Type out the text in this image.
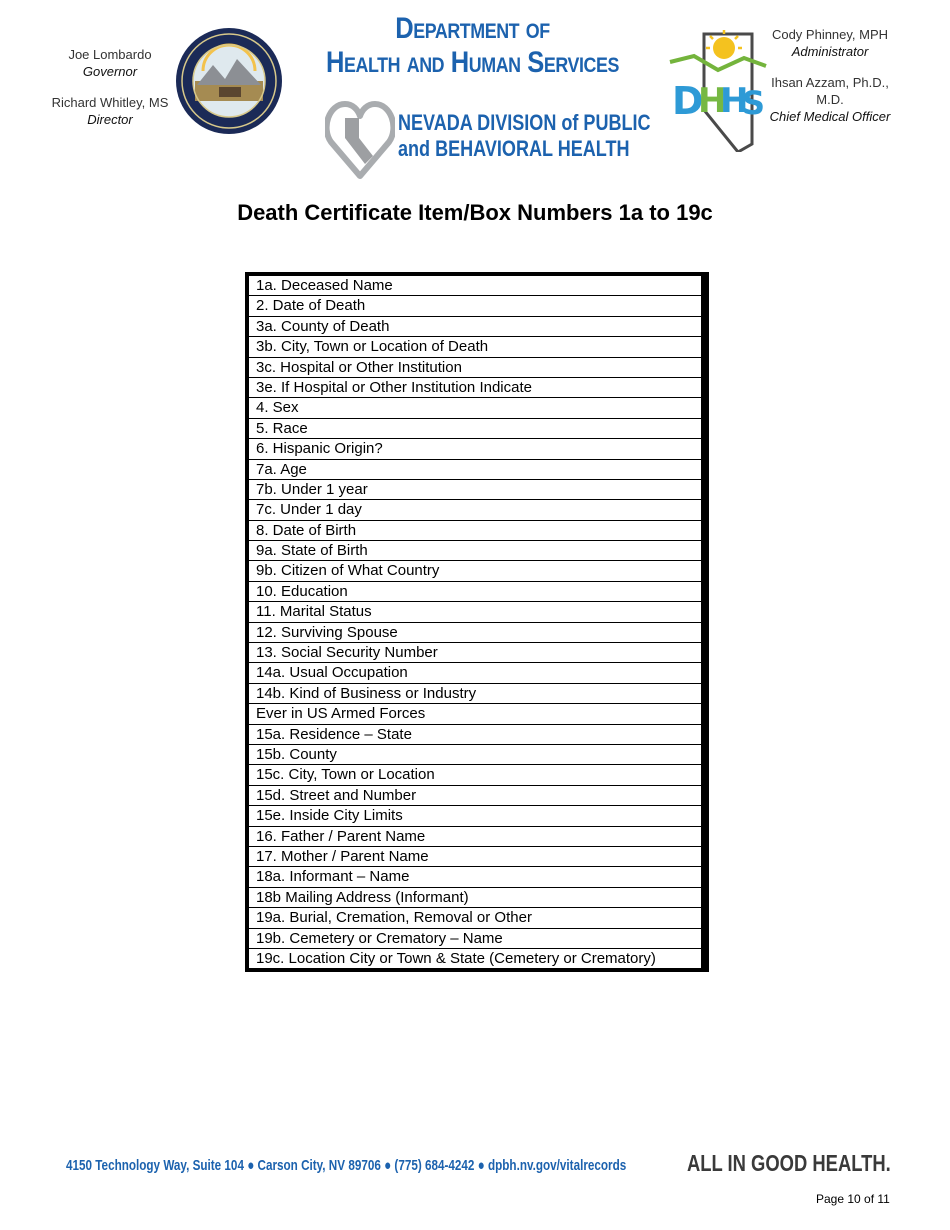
Joe Lombardo
Governor
Richard Whitley, MS
Director
Department of
Health and Human Services
NEVADA DIVISION of PUBLIC
and BEHAVIORAL HEALTH
D
H
H
S
Cody Phinney, MPH
Administrator
Ihsan Azzam, Ph.D., M.D.
Chief Medical Officer
Death Certificate Item/Box Numbers 1a to 19c
1a. Deceased Name
2. Date of Death
3a. County of Death
3b. City, Town or Location of Death
3c. Hospital or Other Institution
3e. If Hospital or Other Institution Indicate
4. Sex
5. Race
6. Hispanic Origin?
7a. Age
7b. Under 1 year
7c. Under 1 day
8. Date of Birth
9a. State of Birth
9b. Citizen of What Country
10. Education
11. Marital Status
12. Surviving Spouse
13. Social Security Number
14a. Usual Occupation
14b. Kind of Business or Industry
Ever in US Armed Forces
15a. Residence – State
15b. County
15c. City, Town or Location
15d. Street and Number
15e. Inside City Limits
16. Father / Parent Name
17. Mother / Parent Name
18a. Informant – Name
18b Mailing Address (Informant)
19a. Burial, Cremation, Removal or Other
19b. Cemetery or Crematory – Name
19c. Location City or Town & State (Cemetery or Crematory)
4150 Technology Way, Suite 104 ● Carson City, NV 89706 ● (775) 684-4242 ● dpbh.nv.gov/vitalrecords	ALL IN GOOD HEALTH.
Page 10 of 11
